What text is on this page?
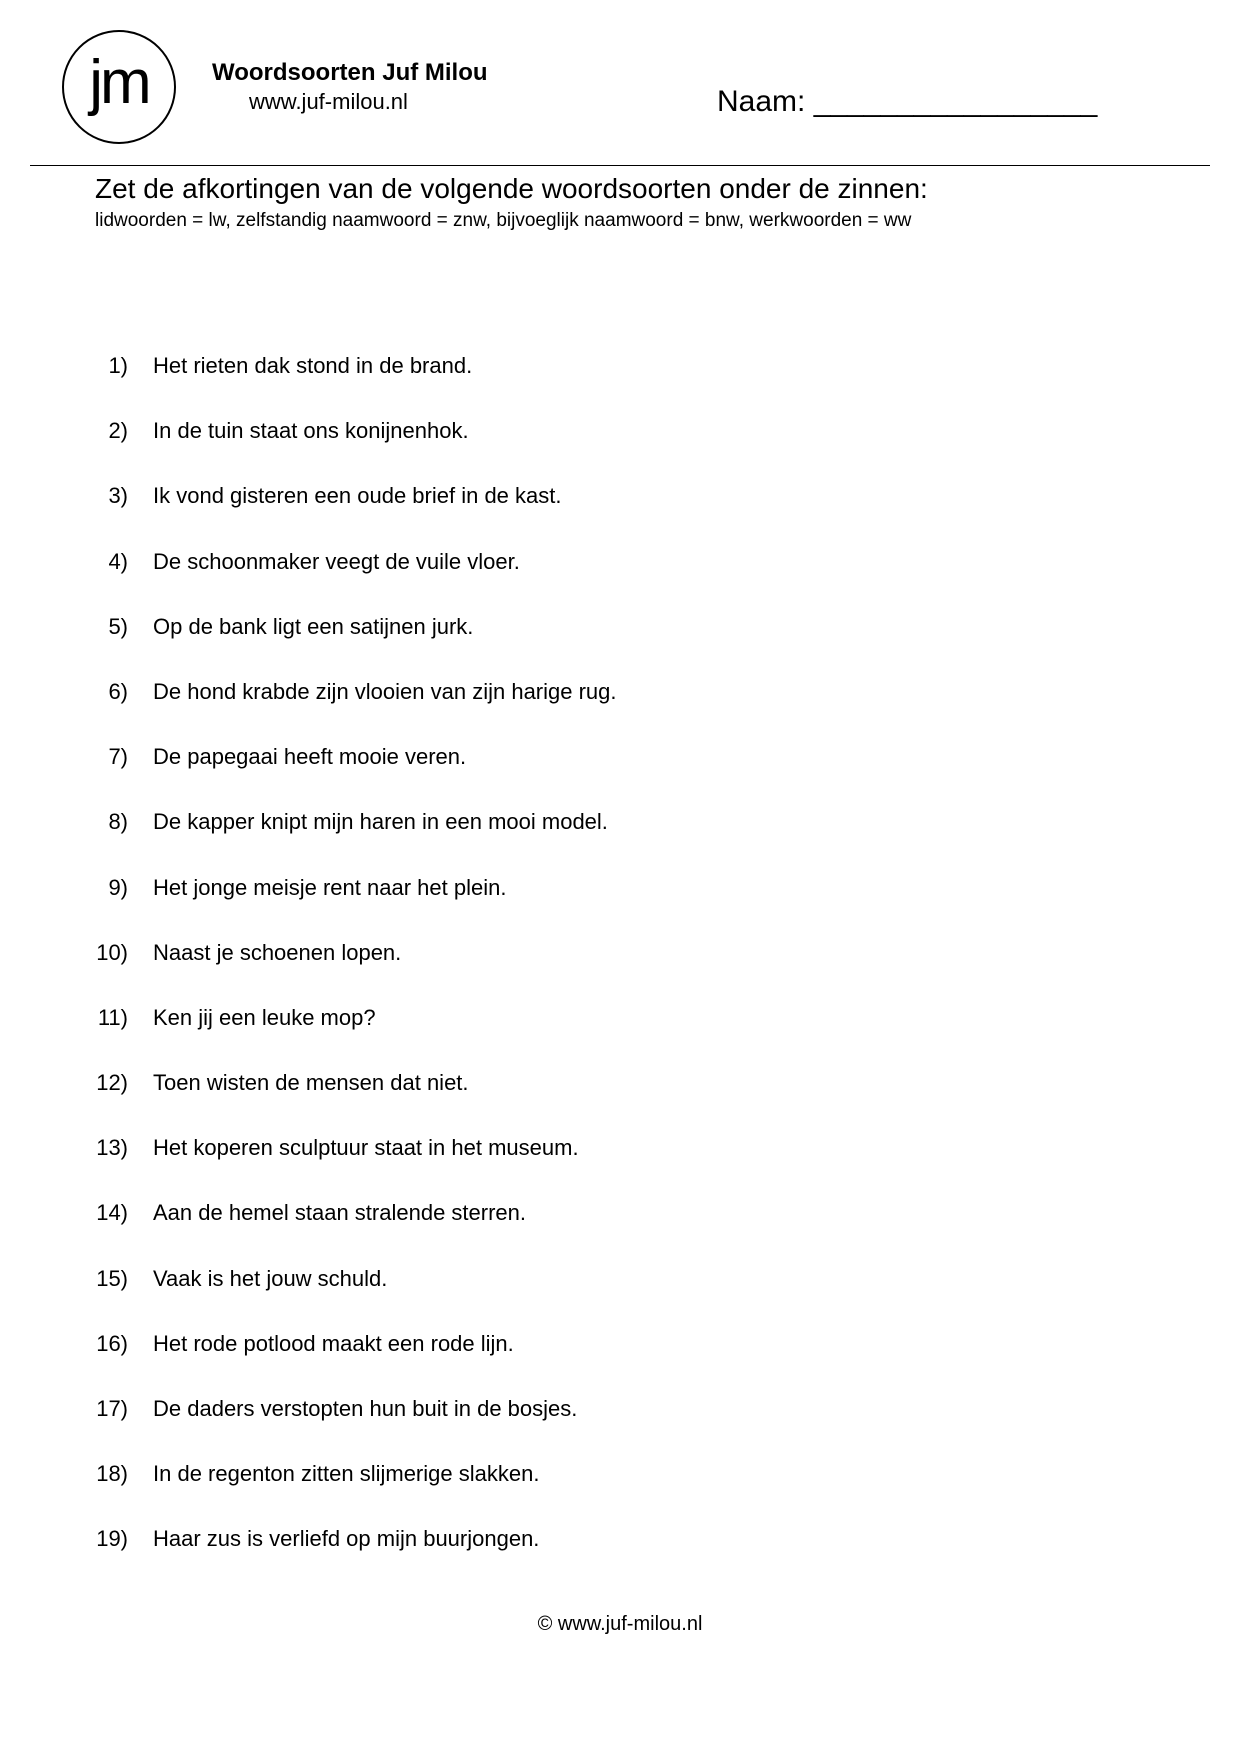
jm	Woordsoorten Juf Milou
www.juf-milou.nl	Naam: _________________
Zet de afkortingen van de volgende woordsoorten onder de zinnen:
lidwoorden = lw, zelfstandig naamwoord = znw, bijvoeglijk naamwoord = bnw, werkwoorden = ww
1) Het rieten dak stond in de brand.
2) In de tuin staat ons konijnenhok.
3) Ik vond gisteren een oude brief in de kast.
4) De schoonmaker veegt de vuile vloer.
5) Op de bank ligt een satijnen jurk.
6) De hond krabde zijn vlooien van zijn harige rug.
7) De papegaai heeft mooie veren.
8) De kapper knipt mijn haren in een mooi model.
9) Het jonge meisje rent naar het plein.
10) Naast je schoenen lopen.
11) Ken jij een leuke mop?
12) Toen wisten de mensen dat niet.
13) Het koperen sculptuur staat in het museum.
14) Aan de hemel staan stralende sterren.
15) Vaak is het jouw schuld.
16) Het rode potlood maakt een rode lijn.
17) De daders verstopten hun buit in de bosjes.
18) In de regenton zitten slijmerige slakken.
19) Haar zus is verliefd op mijn buurjongen.
© www.juf-milou.nl
